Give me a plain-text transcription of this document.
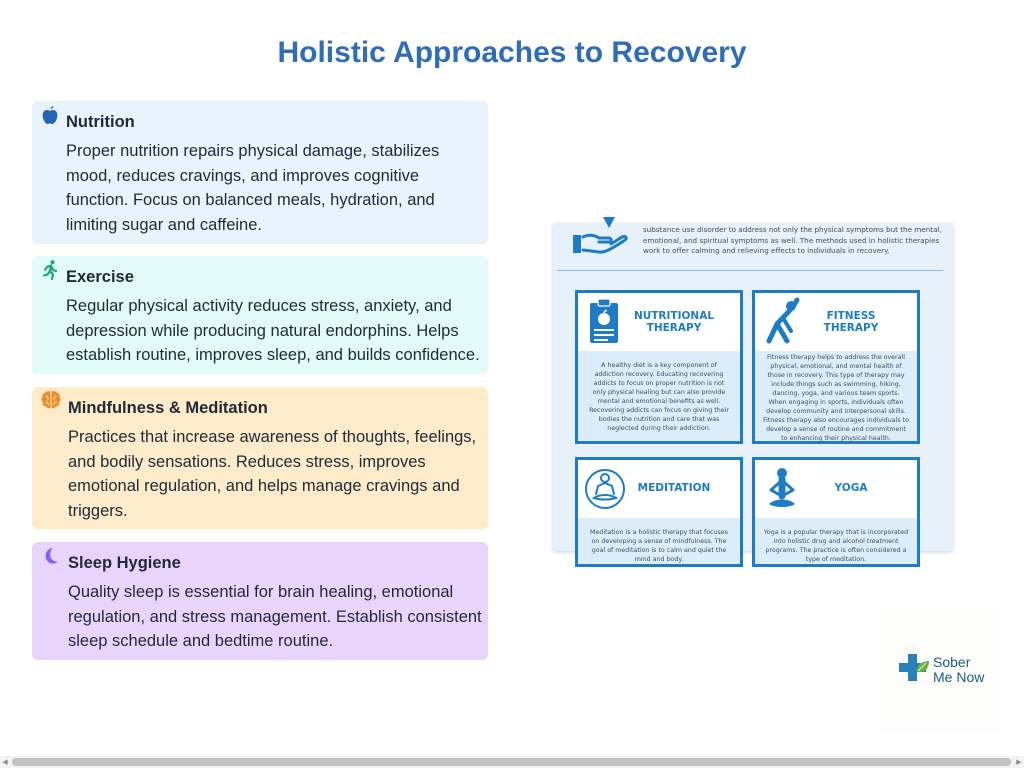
Holistic Approaches to Recovery
Nutrition
Proper nutrition repairs physical damage, stabilizes mood, reduces cravings, and improves cognitive function. Focus on balanced meals, hydration, and limiting sugar and caffeine.
Exercise
Regular physical activity reduces stress, anxiety, and depression while producing natural endorphins. Helps establish routine, improves sleep, and builds confidence.
Mindfulness & Meditation
Practices that increase awareness of thoughts, feelings, and bodily sensations. Reduces stress, improves emotional regulation, and helps manage cravings and triggers.
Sleep Hygiene
Quality sleep is essential for brain healing, emotional regulation, and stress management. Establish consistent sleep schedule and bedtime routine.
substance use disorder to address not only the physical symptoms but the mental, emotional, and spiritual symptoms as well. The methods used in holistic therapies work to offer calming and relieving effects to individuals in recovery.
NUTRITIONAL THERAPY
A healthy diet is a key component of addiction recovery. Educating recovering addicts to focus on proper nutrition is not only physical healing but can also provide mental and emotional benefits as well. Recovering addicts can focus on giving their bodies the nutrition and care that was neglected during their addiction.
FITNESS THERAPY
Fitness therapy helps to address the overall physical, emotional, and mental health of those in recovery. This type of therapy may include things such as swimming, hiking, dancing, yoga, and various team sports. When engaging in sports, individuals often develop community and interpersonal skills. Fitness therapy also encourages individuals to develop a sense of routine and commitment to enhancing their physical health.
MEDITATION
Meditation is a holistic therapy that focuses on developing a sense of mindfulness. The goal of meditation is to calm and quiet the mind and body.
YOGA
Yoga is a popular therapy that is incorporated into holistic drug and alcohol treatment programs. The practice is often considered a type of meditation.
Sober
Me Now
◀	▶
